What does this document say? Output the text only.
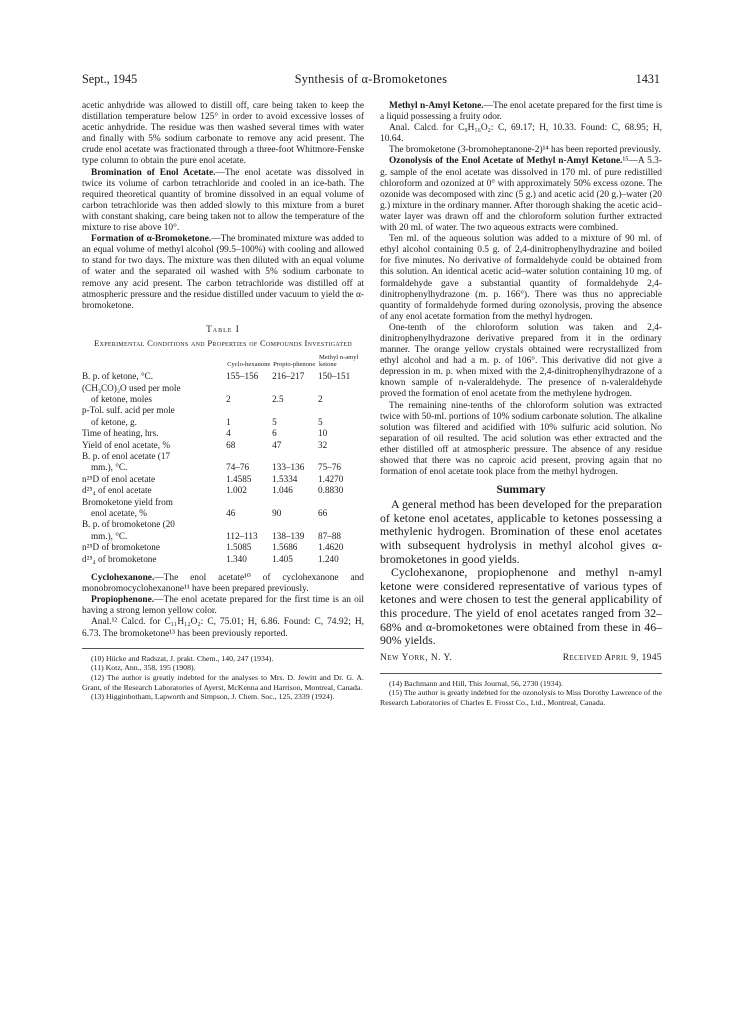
Sept., 1945	Synthesis of α-Bromoketones	1431

acetic anhydride was allowed to distill off, care being taken to keep the distillation temperature below 125° in order to avoid excessive losses of acetic anhydride. The residue was then washed several times with water and finally with 5% sodium carbonate to remove any acid present. The crude enol acetate was fractionated through a three-foot Whitmore-Fenske type column to obtain the pure enol acetate.

Bromination of Enol Acetate.—The enol acetate was dissolved in twice its volume of carbon tetrachloride and cooled in an ice-bath. The required theoretical quantity of bromine dissolved in an equal volume of carbon tetrachloride was then added slowly to this mixture from a buret with constant shaking, care being taken not to allow the temperature of the mixture to rise above 10°.

Formation of α-Bromoketone.—The brominated mixture was added to an equal volume of methyl alcohol (99.5–100%) with cooling and allowed to stand for two days. The mixture was then diluted with an equal volume of water and the separated oil washed with 5% sodium carbonate to remove any acid present. The carbon tetrachloride was distilled off at atmospheric pressure and the residue distilled under vacuum to yield the α-bromoketone.

Table I
Experimental Conditions and Properties of Compounds Investigated
	Cyclo-hexanone	Propio-phenone	Methyl n-amyl ketone
B. p. of ketone, °C.	155–156	216–217	150–151
(CH₃CO)₂O used per mole			
of ketone, moles	2	2.5	2
p-Tol. sulf. acid per mole			
of ketone, g.	1	5	5
Time of heating, hrs.	4	6	10
Yield of enol acetate, %	68	47	32
B. p. of enol acetate (17			
mm.), °C.	74–76	133–136	75–76
n²⁵D of enol acetate	1.4585	1.5334	1.4270
d²⁵₄ of enol acetate	1.002	1.046	0.8830
Bromoketone yield from			
enol acetate, %	46	90	66
B. p. of bromoketone (20			
mm.), °C.	112–113	138–139	87–88
n²⁵D of bromoketone	1.5085	1.5686	1.4620
d²⁵₄ of bromoketone	1.340	1.405	1.240

Cyclohexanone.—The enol acetate¹⁰ of cyclohexanone and monobromocyclohexanone¹¹ have been prepared previously.

Propiophenone.—The enol acetate prepared for the first time is an oil having a strong lemon yellow color.

Anal.¹² Calcd. for C₁₁H₁₂O₂: C, 75.01; H, 6.86. Found: C, 74.92; H, 6.73. The bromoketone¹³ has been previously reported.

(10) Hücke and Radszat, J. prakt. Chem., 140, 247 (1934).

(11) Kotz, Ann., 358, 195 (1908).

(12) The author is greatly indebted for the analyses to Mrs. D. Jewitt and Dr. G. A. Grant, of the Research Laboratories of Ayerst, McKenna and Harrison, Montreal, Canada.

(13) Higginbotham, Lapworth and Simpson, J. Chem. Soc., 125, 2339 (1924).

Methyl n-Amyl Ketone.—The enol acetate prepared for the first time is a liquid possessing a fruity odor.

Anal. Calcd. for C₉H₁₆O₂: C, 69.17; H, 10.33. Found: C, 68.95; H, 10.64.

The bromoketone (3-bromoheptanone-2)¹⁴ has been reported previously.

Ozonolysis of the Enol Acetate of Methyl n-Amyl Ketone.¹⁵—A 5.3-g. sample of the enol acetate was dissolved in 170 ml. of pure redistilled chloroform and ozonized at 0° with approximately 50% excess ozone. The ozonide was decomposed with zinc (5 g.) and acetic acid (20 g.)–water (20 g.) mixture in the ordinary manner. After thorough shaking the acetic acid–water layer was drawn off and the chloroform solution further extracted with 20 ml. of water. The two aqueous extracts were combined.

Ten ml. of the aqueous solution was added to a mixture of 90 ml. of ethyl alcohol containing 0.5 g. of 2,4-dinitrophenylhydrazine and boiled for five minutes. No derivative of formaldehyde could be obtained from this solution. An identical acetic acid–water solution containing 10 mg. of formaldehyde gave a substantial quantity of formaldehyde 2,4-dinitrophenylhydrazone (m. p. 166°). There was thus no appreciable quantity of formaldehyde formed during ozonolysis, proving the absence of any enol acetate formation from the methyl hydrogen.

One-tenth of the chloroform solution was taken and 2,4-dinitrophenylhydrazone derivative prepared from it in the ordinary manner. The orange yellow crystals obtained were recrystallized from ethyl alcohol and had a m. p. of 106°. This derivative did not give a depression in m. p. when mixed with the 2,4-dinitrophenylhydrazone of a known sample of n-valeraldehyde. The presence of n-valeraldehyde proved the formation of enol acetate from the methylene hydrogen.

The remaining nine-tenths of the chloroform solution was extracted twice with 50-ml. portions of 10% sodium carbonate solution. The alkaline solution was filtered and acidified with 10% sulfuric acid solution. No separation of oil resulted. The acid solution was ether extracted and the ether distilled off at atmospheric pressure. The absence of any residue showed that there was no caproic acid present, proving again that no formation of enol acetate took place from the methyl hydrogen.

Summary

A general method has been developed for the preparation of ketone enol acetates, applicable to ketones possessing a methylenic hydrogen. Bromination of these enol acetates with subsequent hydrolysis in methyl alcohol gives α-bromoketones in good yields.

Cyclohexanone, propiophenone and methyl n-amyl ketone were considered representative of various types of ketones and were chosen to test the general applicability of this procedure. The yield of enol acetates ranged from 32–68% and α-bromoketones were obtained from these in 46–90% yields.

New York, N. Y.	Received April 9, 1945

(14) Bachmann and Hill, This Journal, 56, 2730 (1934).

(15) The author is greatly indebted for the ozonolysis to Miss Dorothy Lawrence of the Research Laboratories of Charles E. Frosst Co., Ltd., Montreal, Canada.
